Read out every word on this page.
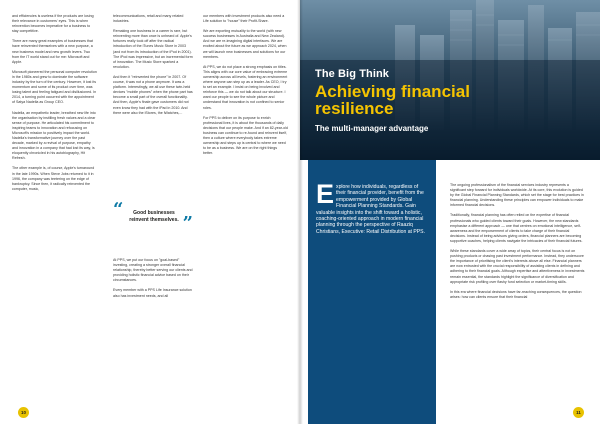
and efficiencies is useless if the products are losing their relevance in customers' eyes. This is when reinvention becomes imperative for a business to stay competitive.

There are many great examples of businesses that have reinvented themselves with a new purpose, a new business model and new growth levers. Two from the IT world stand out for me: Microsoft and Apple.

Microsoft pioneered the personal computer revolution in the 1980s and grew to dominate the software industry by the turn of the century. However, it lost its momentum and some of its product over time, was losing talent and feeling fatigued and disillusioned. In 2014, a turning point occurred with the appointment of Satya Nadella as Group CEO.

Nadella, an empathetic leader, breathed new life into the organisation by instilling fresh values and a clear sense of purpose. He articulated his commitment to inspiring teams to innovation and refocusing on Microsoft's mission to positively impact the world. Nadella's transformative journey over the past decade, marked by a revival of purpose, empathy and innovation in a company that had lost its way, is eloquently chronicled in his autobiography, Hit Refresh.

The other example is, of course, Apple's turnaround in the late 1990s. When Steve Jobs returned to it in 1996, the company was teetering on the edge of bankruptcy. Since then, it radically reinvented the computer, music,

telecommunications, retail and many related industries.

Remaking one business in a career is rare, but reinventing more than once is unheard of. Apple's fortunes really took off after the radical introduction of the iTunes Music Store in 2003 (and not from its introduction of the iPod in 2001). The iPod was impressive, but an incremental form of innovation. The Music Store sparked a revolution.

And then it "reinvented the phone" in 2007. Of course, it was not a phone anymore. It was a platform. Interestingly, we all use these twin-held devices "mobile phones" when the phone part has become a small part of the overall functionality. And then, Apple's finale gave customers did not even know they had with the iPad in 2010. And there were also the iStores, the iWatches,...

“	Good businesses reinvent themselves. ”

At PPS, we put our focus on "goal-based" investing, creating a stronger overall financial relationship, thereby better serving our clients and providing holistic financial advice based on their circumstances.

Every member with a PPS Life Insurance solution also has investment needs, and all

our members with investment products also need a Life solution to "house" their Profit-Share.

We are exporting mutuality to the world (with new success businesses in Australia and New Zealand). And we are re-imagining digital interfaces. We are excited about the future as we approach 2024, when we will launch new businesses and solutions for our members.

At PPS, we do not place a strong emphasis on titles. This aligns with our core value of embracing extreme ownership across all levels, fostering an environment where anyone can step up as a leader. As CEO, I try to set an example. I insist on being involved and reinforce this — we do not talk about our structure. I want our people to see the whole picture and understand that innovation is not confined to senior roles.

For PPS to deliver on its purpose to enrich professional lives, it is about the thousands of daily decisions that our people make. And if an 82-year-old business can continue to re-found and reinvent itself, then a culture where everybody takes extreme ownership and steps up is central to where we need to be as a business. We are on the right things better.

10
The Big Think
Achieving financial resilience
The multi-manager advantage
Explore how individuals, regardless of their financial provider, benefit from the empowerment provided by Global Financial Planning Standards. Gain valuable insights into the shift toward a holistic, coaching-oriented approach in modern financial planning through the perspective of Raaziq Christians, Executive: Retail Distribution at PPS.

The ongoing professionalism of the financial services industry represents a significant step forward for individuals worldwide. At its core, this evolution is guided by the Global Financial Planning Standards, which set the stage for best practices in financial planning. Understanding these principles can empower individuals to make informed financial decisions.

Traditionally, financial planning has often relied on the expertise of financial professionals who guided clients toward their goals. However, the new standards emphasise a different approach — one that centres on emotional intelligence, self-awareness and the empowerment of clients to take charge of their financial decisions. Instead of being advisors giving orders, financial planners are becoming supportive coaches, helping clients navigate the intricacies of their financial futures.

While these standards cover a wide array of topics, their central focus is not on pushing products or chasing past investment performance. Instead, they underscore the importance of prioritising the client's interests above all else. Financial planners are now entrusted with the crucial responsibility of assisting clients in defining and adhering to their financial goals. Although expertise and attentiveness in investments remain essential, the standards highlight the significance of diversification and appropriate risk profiling over flashy fund selection or market-timing skills.

In this era where financial decisions have far-reaching consequences, the question arises: how can clients ensure that their financial

11
